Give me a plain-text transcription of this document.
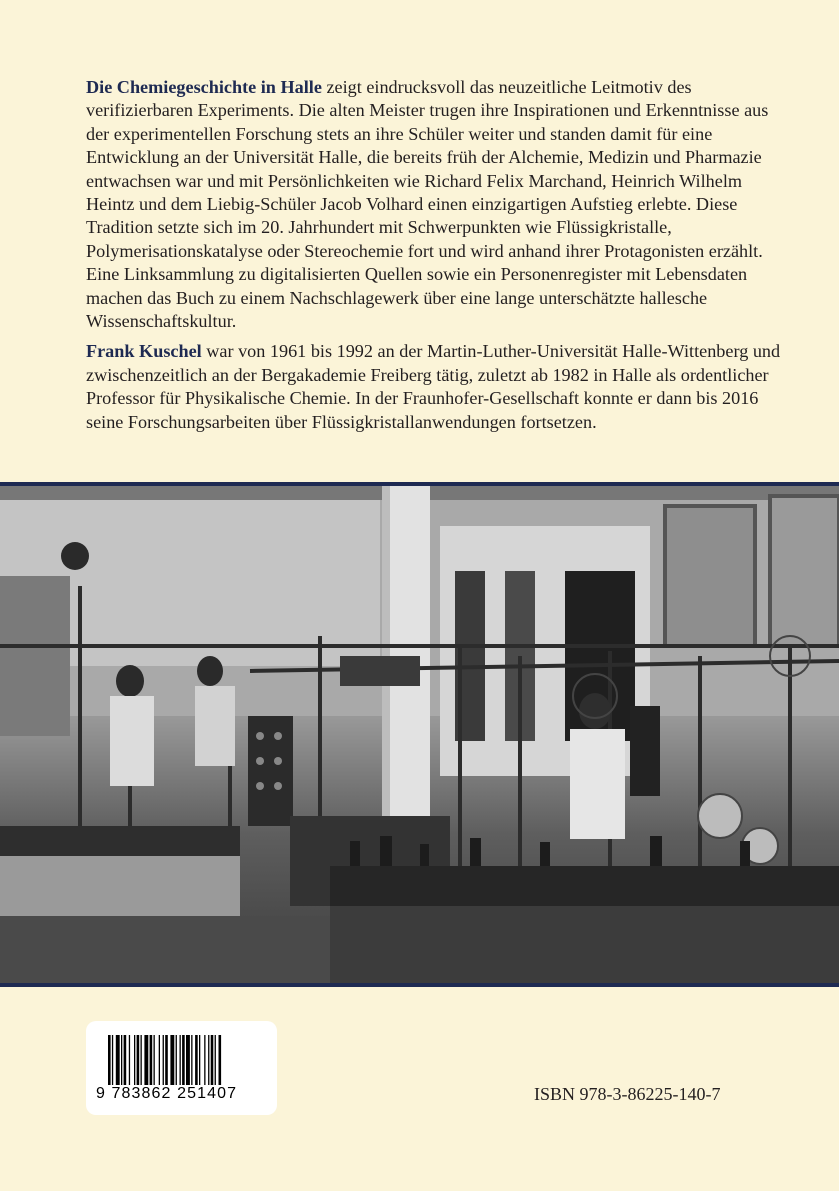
Die Chemiegeschichte in Halle zeigt eindrucksvoll das neuzeitliche Leitmotiv des verifizierbaren Experiments. Die alten Meister trugen ihre Inspirationen und Erkenntnisse aus der experimentellen Forschung stets an ihre Schüler weiter und standen damit für eine Entwicklung an der Universität Halle, die bereits früh der Alchemie, Medizin und Pharmazie entwachsen war und mit Persönlichkeiten wie Richard Felix Marchand, Heinrich Wilhelm Heintz und dem Liebig-Schüler Jacob Volhard einen einzigartigen Aufstieg erlebte. Diese Tradition setzte sich im 20. Jahrhundert mit Schwerpunkten wie Flüssigkristalle, Polymerisationskatalyse oder Stereochemie fort und wird anhand ihrer Protagonisten erzählt. Eine Linksammlung zu digitalisierten Quellen sowie ein Personenregister mit Lebensdaten machen das Buch zu einem Nachschlagewerk über eine lange unterschätzte hallesche Wissenschaftskultur.

Frank Kuschel war von 1961 bis 1992 an der Martin-Luther-Universität Halle-Wittenberg und zwischenzeitlich an der Bergakademie Freiberg tätig, zuletzt ab 1982 in Halle als ordentlicher Professor für Physikalische Chemie. In der Fraunhofer-Gesellschaft konnte er dann bis 2016 seine Forschungsarbeiten über Flüssigkristallanwendungen fortsetzen.

9 783862 251407	ISBN 978-3-86225-140-7
